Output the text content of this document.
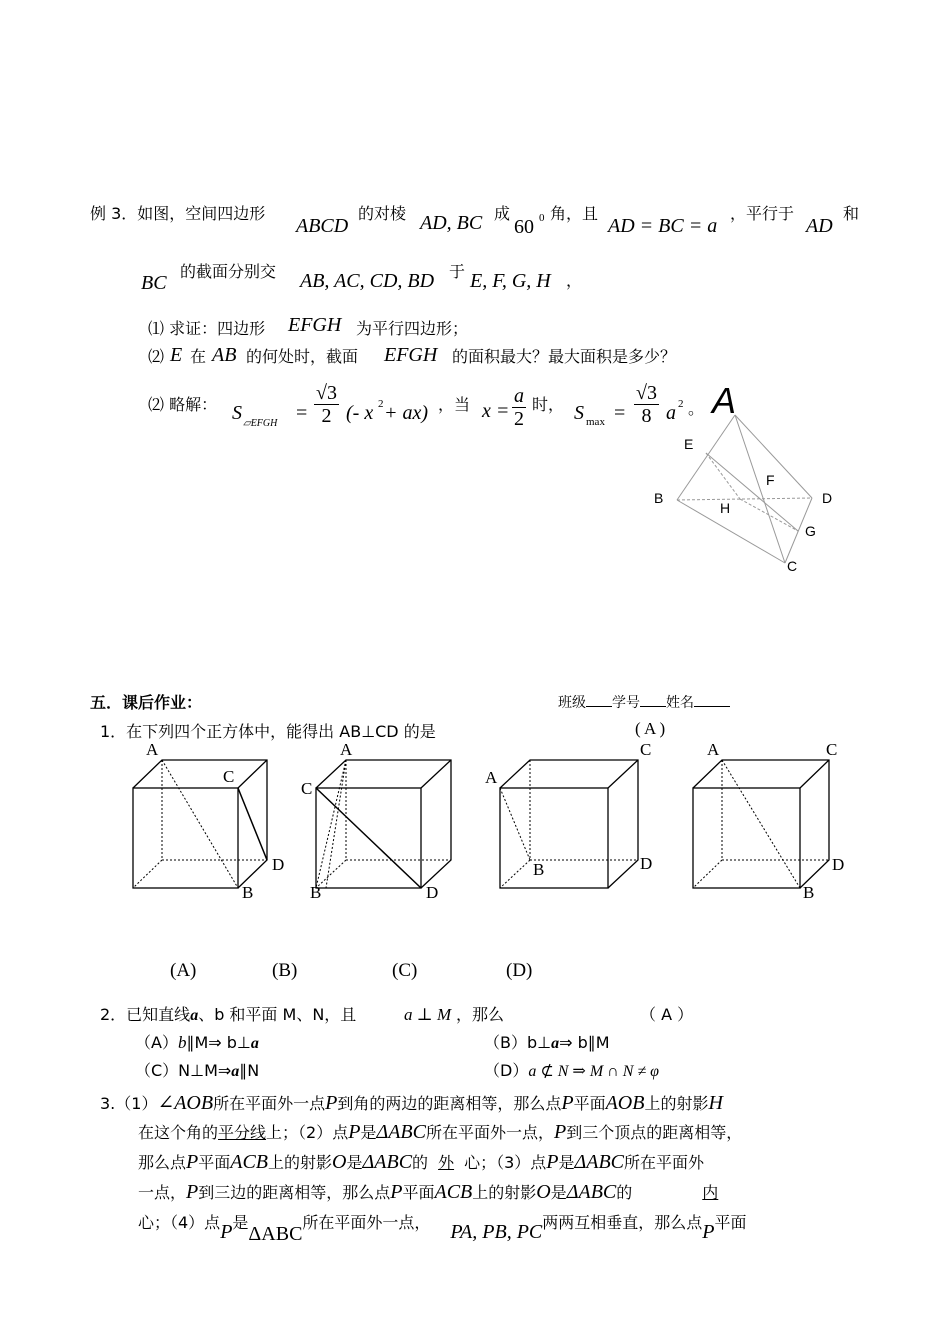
例 3．如图，空间四边形
ABCD
的对棱 AD, BC 成
60 0 角，且
AD = BC = a
，平行于
AD
和
BC
的截面分别交 AB, AC, CD, BD 于 E, F, G, H ，
⑴ 求证：四边形 EFGH 为平行四边形；
⑵ E 在 AB 的何处时，截面 EFGH 的面积最大？最大面积是多少？
⑵ 略解： S ▱EFGH = $\frac{√3}{2}$ (- x 2 + ax) ，当 $x = \frac{a}{2}$ 时， S $\max = \frac{√3}{8}$ a 2 。 A
E
F
B	D
H
G
C
五．课后作业：	班级 学号 姓名
1．在下列四个正方体中，能得出 AB⊥CD 的是	( A )
A
C
D
B
A
C
B	D
A
C
B	D
A	C
D
B
(A)	(B)	(C)	(D)
2．已知直线a、b 和平面 M、N，且	a ⊥ M ，那么	（ A ）
（A）b∥M⇒ b⊥a	（B）b⊥a⇒ b∥M
（C）N⊥M⇒a∥N	（D）a ⊄ N ⇒ M ∩ N ≠ φ
3.（1）∠AOB所在平面外一点P到角的两边的距离相等，那么点P平面AOB上的射影H
在这个角的平分线上；（2）点P是ΔABC所在平面外一点，P到三个顶点的距离相等，
那么点P平面ACB上的射影O是ΔABC的 外 心；（3）点P是ΔABC所在平面外
一点，P到三边的距离相等，那么点P平面ACB上的射影O是ΔABC的	内
心；（4）点P是ΔABC所在平面外一点， PA, PB, PC两两互相垂直，那么点P平面
